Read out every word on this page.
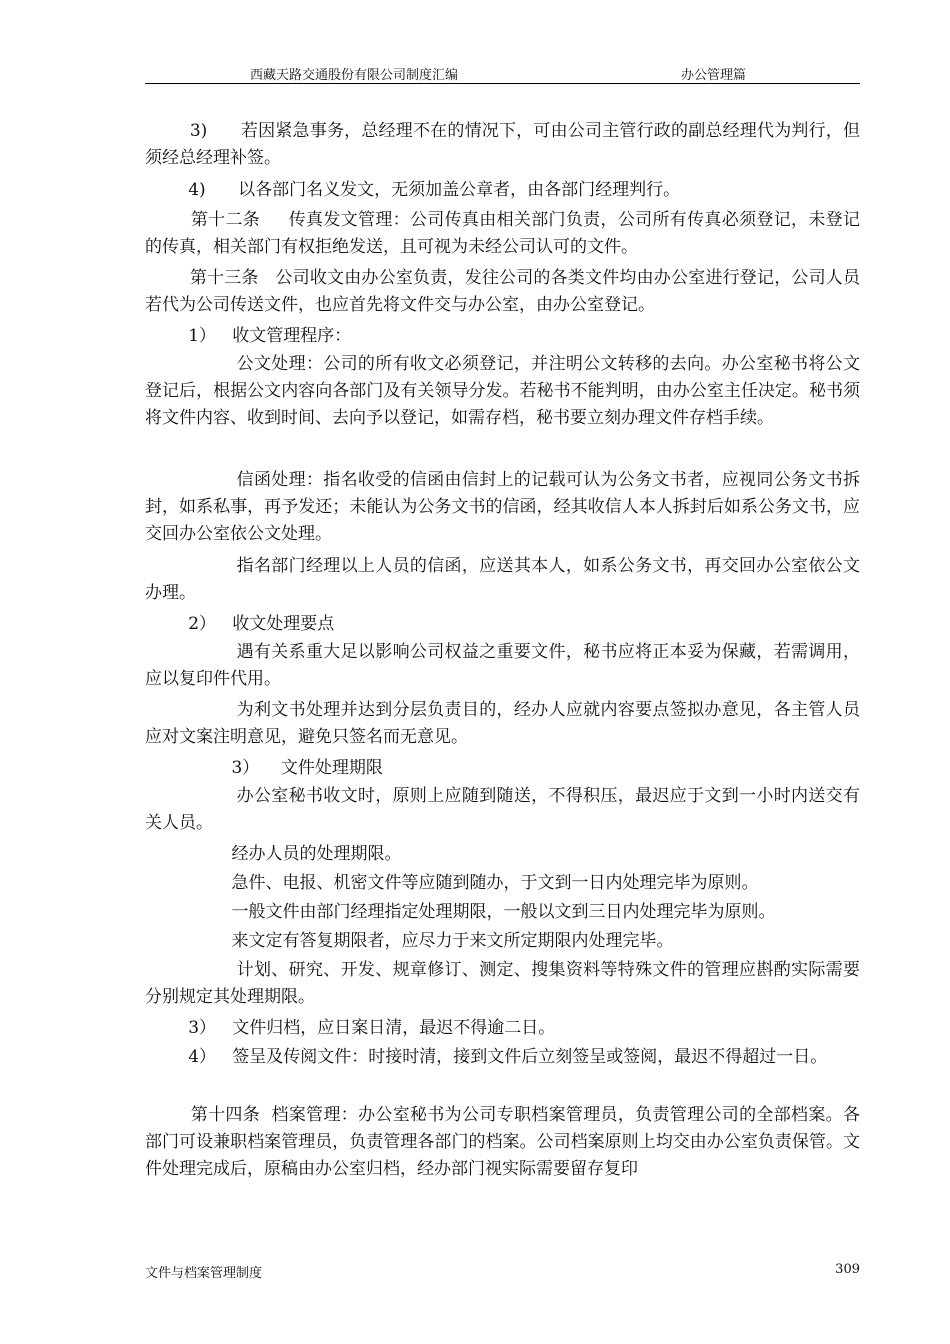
西藏天路交通股份有限公司制度汇编	办公管理篇

3)      若因紧急事务，总经理不在的情况下，可由公司主管行政的副总经理代为判行，但须经总经理补签。

4)      以各部门名义发文，无须加盖公章者，由各部门经理判行。

第十二条     传真发文管理：公司传真由相关部门负责，公司所有传真必须登记，未登记的传真，相关部门有权拒绝发送，且可视为未经公司认可的文件。

第十三条   公司收文由办公室负责，发往公司的各类文件均由办公室进行登记，公司人员若代为公司传送文件，也应首先将文件交与办公室，由办公室登记。

1）   收文管理程序：

公文处理：公司的所有收文必须登记，并注明公文转移的去向。办公室秘书将公文登记后，根据公文内容向各部门及有关领导分发。若秘书不能判明，由办公室主任决定。秘书须将文件内容、收到时间、去向予以登记，如需存档，秘书要立刻办理文件存档手续。

信函处理：指名收受的信函由信封上的记载可认为公务文书者，应视同公务文书拆封，如系私事，再予发还；未能认为公务文书的信函，经其收信人本人拆封后如系公务文书，应交回办公室依公文处理。

指名部门经理以上人员的信函，应送其本人，如系公务文书，再交回办公室依公文办理。

2）   收文处理要点

遇有关系重大足以影响公司权益之重要文件，秘书应将正本妥为保藏，若需调用，应以复印件代用。

为利文书处理并达到分层负责目的，经办人应就内容要点签拟办意见，各主管人员应对文案注明意见，避免只签名而无意见。

3）    文件处理期限

办公室秘书收文时，原则上应随到随送，不得积压，最迟应于文到一小时内送交有关人员。

经办人员的处理期限。

急件、电报、机密文件等应随到随办，于文到一日内处理完毕为原则。

一般文件由部门经理指定处理期限，一般以文到三日内处理完毕为原则。

来文定有答复期限者，应尽力于来文所定期限内处理完毕。

计划、研究、开发、规章修订、测定、搜集资料等特殊文件的管理应斟酌实际需要分别规定其处理期限。

3）   文件归档，应日案日清，最迟不得逾二日。

4）   签呈及传阅文件：时接时清，接到文件后立刻签呈或签阅，最迟不得超过一日。

第十四条  档案管理：办公室秘书为公司专职档案管理员，负责管理公司的全部档案。各部门可设兼职档案管理员，负责管理各部门的档案。公司档案原则上均交由办公室负责保管。文件处理完成后，原稿由办公室归档，经办部门视实际需要留存复印

文件与档案管理制度	309
